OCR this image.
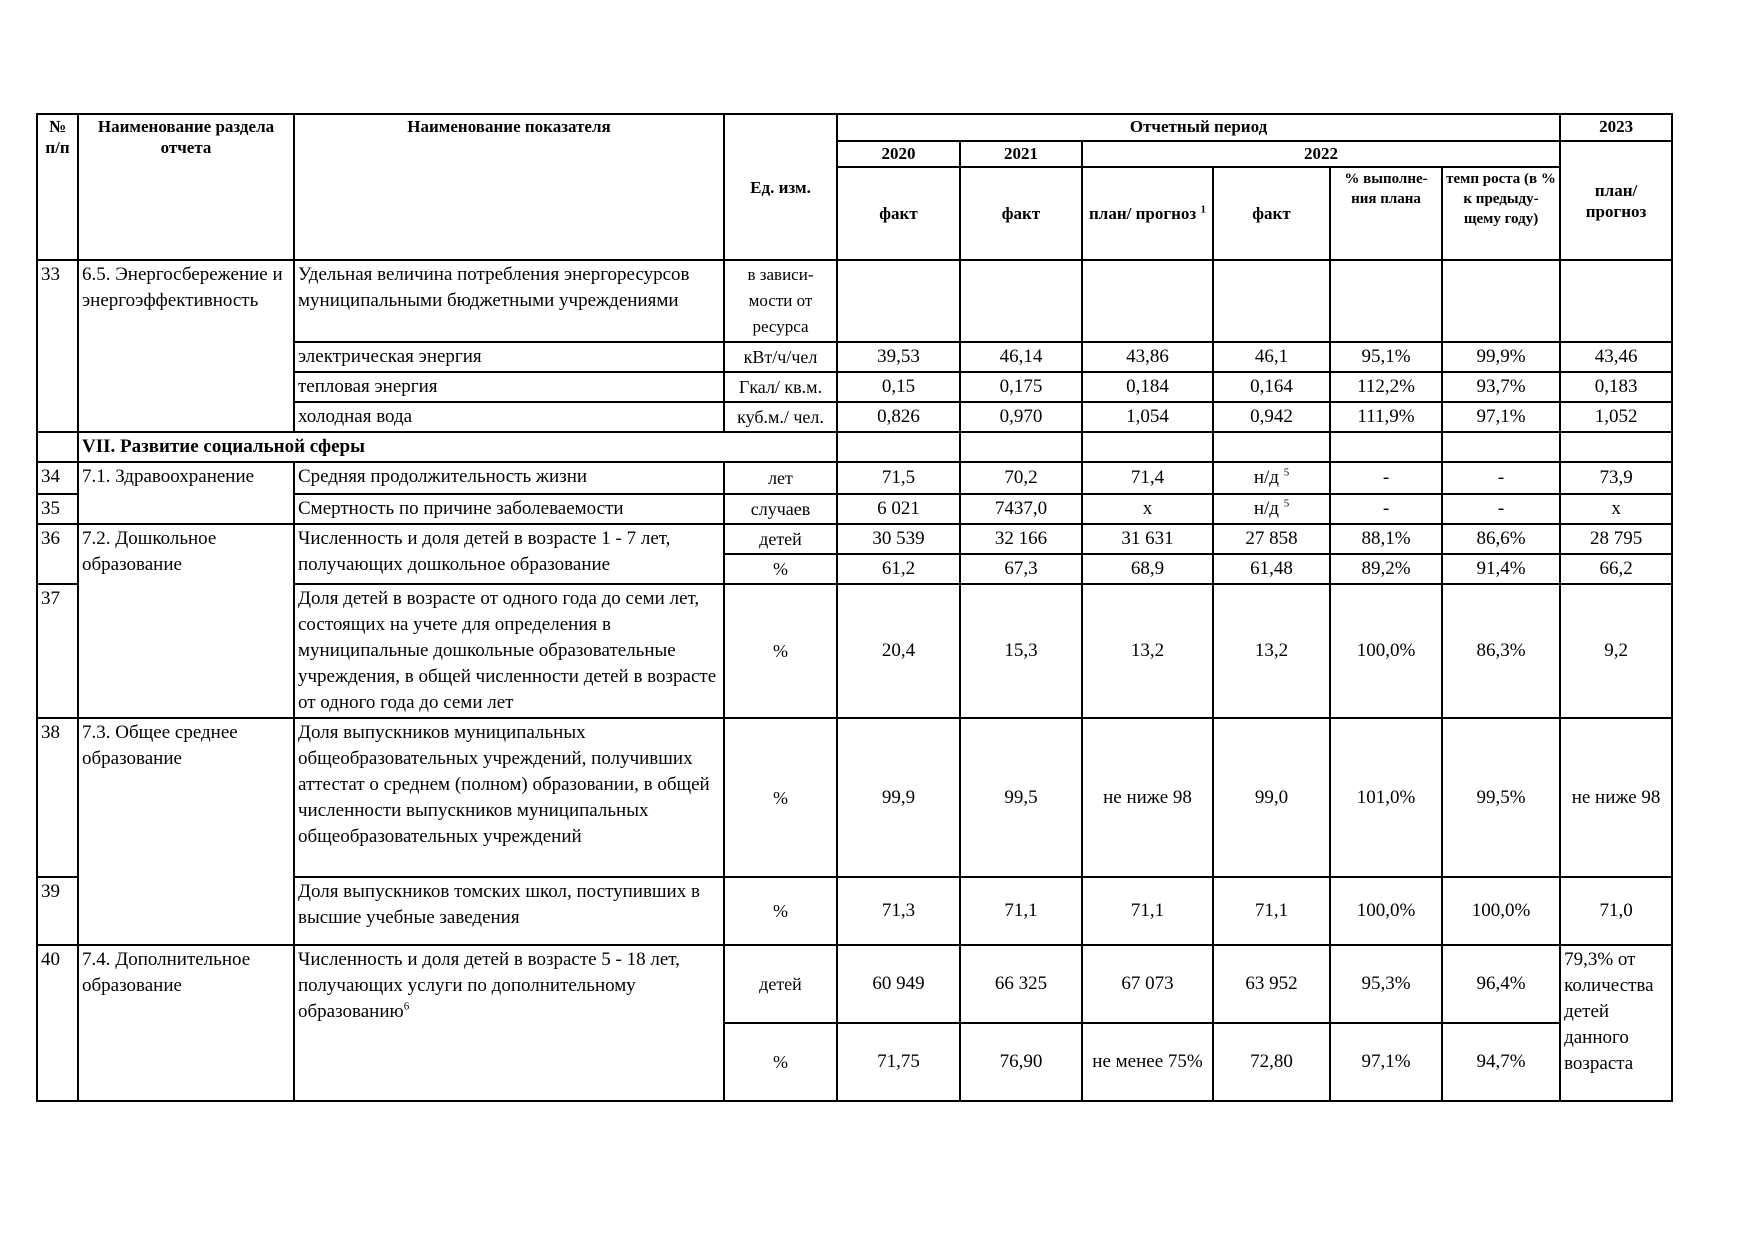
№ п/п	Наименование раздела отчета	Наименование показателя	Ед. изм.	Отчетный период						2023
				2020	2021	2022				план/ прогноз
				факт	факт	план/ прогноз $^1$	факт	% выполне-ния плана	темп роста (в % к предыду-щему году)	
33	6.5. Энергосбережение и энергоэффективность	Удельная величина потребления энергоресурсов муниципальными бюджетными учреждениями	в зависи-мости от ресурса							
		электрическая энергия	кВт/ч/чел	39,53	46,14	43,86	46,1	95,1%	99,9%	43,46
		тепловая энергия	Гкал/ кв.м.	0,15	0,175	0,184	0,164	112,2%	93,7%	0,183
		холодная вода	куб.м./ чел.	0,826	0,970	1,054	0,942	111,9%	97,1%	1,052
	VII. Развитие социальной сферы									
34	7.1. Здравоохранение	Средняя продолжительность жизни	лет	71,5	70,2	71,4	н/д $^5$	-	-	73,9
35		Смертность по причине заболеваемости	случаев	6 021	7437,0	х	н/д $^5$	-	-	х
36	7.2. Дошкольное образование	Численность и доля детей в возрасте 1 - 7 лет, получающих дошкольное образование	детей	30 539	32 166	31 631	27 858	88,1%	86,6%	28 795
			%	61,2	67,3	68,9	61,48	89,2%	91,4%	66,2
37		Доля детей в возрасте от одного года до семи лет, состоящих на учете для определения в муниципальные дошкольные образовательные учреждения, в общей численности детей в возрасте от одного года до семи лет	%	20,4	15,3	13,2	13,2	100,0%	86,3%	9,2
38	7.3. Общее среднее образование	Доля выпускников муниципальных общеобразовательных учреждений, получивших аттестат о среднем (полном) образовании, в общей численности выпускников муниципальных общеобразовательных учреждений	%	99,9	99,5	не ниже 98	99,0	101,0%	99,5%	не ниже 98
39		Доля выпускников томских школ, поступивших в высшие учебные заведения	%	71,3	71,1	71,1	71,1	100,0%	100,0%	71,0
40	7.4. Дополнительное образование	Численность и доля детей в возрасте 5 - 18 лет, получающих услуги по дополнительному образованию$^6$	детей	60 949	66 325	67 073	63 952	95,3%	96,4%	79,3% от количества детей данного возраста
			%	71,75	76,90	не менее 75%	72,80	97,1%	94,7%	
